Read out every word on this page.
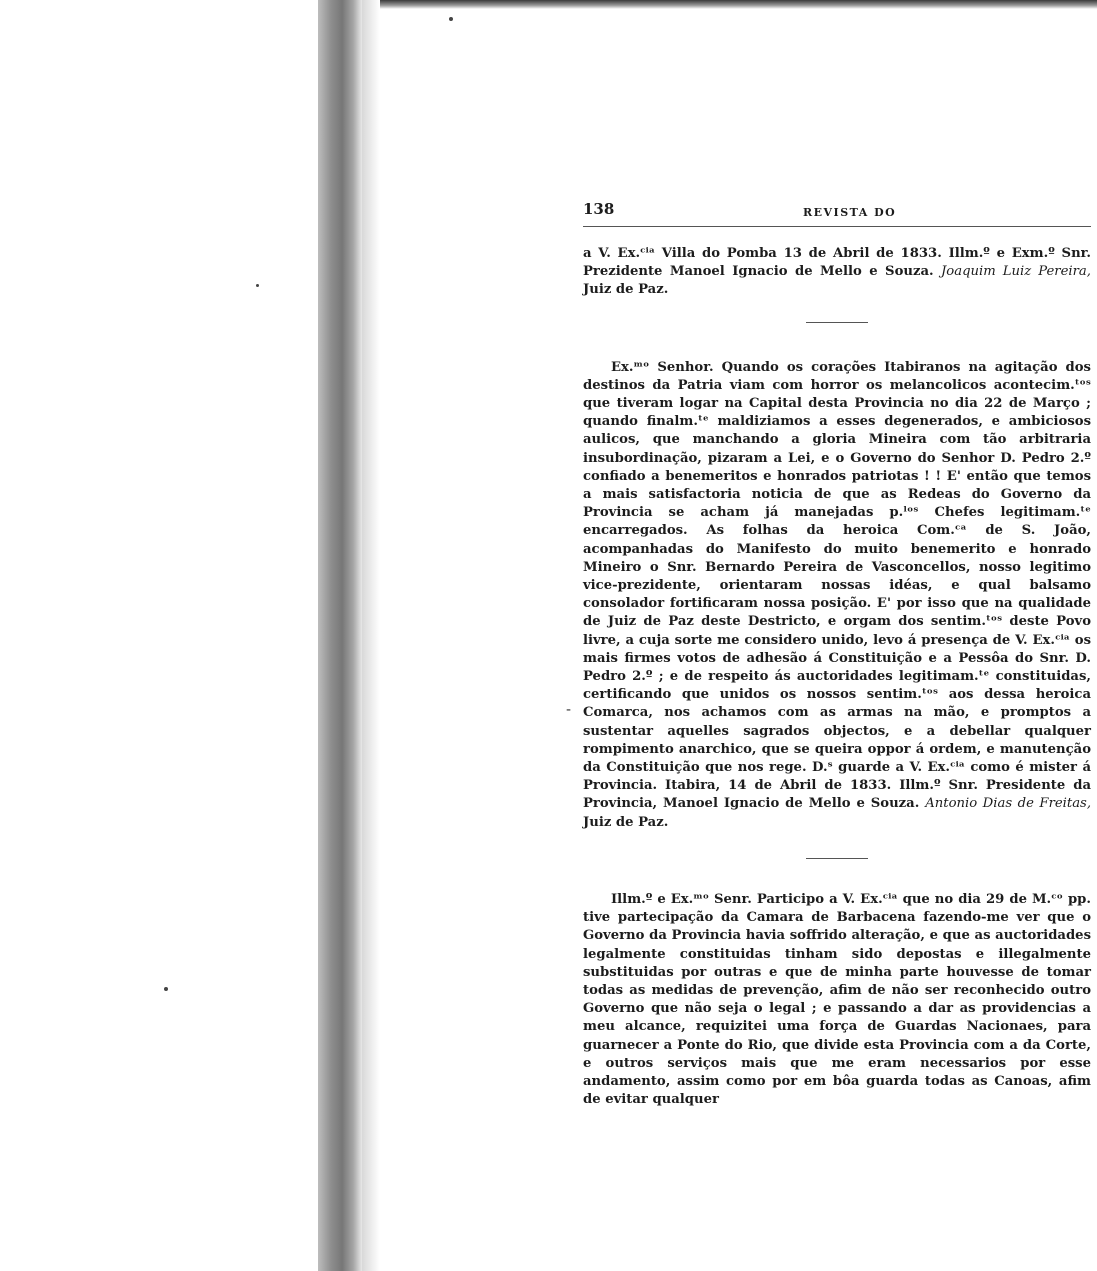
-
138	REVISTA DO

a V. Ex.ᶜⁱᵃ Villa do Pomba 13 de Abril de 1833. Illm.º e Exm.º Snr. Prezidente Manoel Ignacio de Mello e Souza. Joaquim Luiz Pereira, Juiz de Paz.

Ex.ᵐᵒ Senhor. Quando os corações Itabiranos na agitação dos destinos da Patria viam com horror os melancolicos acontecim.ᵗᵒˢ que tiveram logar na Capital desta Provincia no dia 22 de Março ; quando finalm.ᵗᵉ maldiziamos a esses degenerados, e ambiciosos aulicos, que manchando a gloria Mineira com tão arbitraria insubordinação, pizaram a Lei, e o Governo do Senhor D. Pedro 2.º confiado a benemeritos e honrados patriotas ! ! E' então que temos a mais satisfactoria noticia de que as Redeas do Governo da Provincia se acham já manejadas p.ˡᵒˢ Chefes legitimam.ᵗᵉ encarregados. As folhas da heroica Com.ᶜᵃ de S. João, acompanhadas do Manifesto do muito benemerito e honrado Mineiro o Snr. Bernardo Pereira de Vasconcellos, nosso legitimo vice-prezidente, orientaram nossas idéas, e qual balsamo consolador fortificaram nossa posição. E' por isso que na qualidade de Juiz de Paz deste Destricto, e orgam dos sentim.ᵗᵒˢ deste Povo livre, a cuja sorte me considero unido, levo á presença de V. Ex.ᶜⁱᵃ os mais firmes votos de adhesão á Constituição e a Pessôa do Snr. D. Pedro 2.º ; e de respeito ás auctoridades legitimam.ᵗᵉ constituidas, certificando que unidos os nossos sentim.ᵗᵒˢ aos dessa heroica Comarca, nos achamos com as armas na mão, e promptos a sustentar aquelles sagrados objectos, e a debellar qualquer rompimento anarchico, que se queira oppor á ordem, e manutenção da Constituição que nos rege. D.ˢ guarde a V. Ex.ᶜⁱᵃ como é mister á Provincia. Itabira, 14 de Abril de 1833. Illm.º Snr. Presidente da Provincia, Manoel Ignacio de Mello e Souza. Antonio Dias de Freitas, Juiz de Paz.

Illm.º e Ex.ᵐᵒ Senr. Participo a V. Ex.ᶜⁱᵃ que no dia 29 de M.ᶜᵒ pp. tive partecipação da Camara de Barbacena fazendo-me ver que o Governo da Provincia havia soffrido alteração, e que as auctoridades legalmente constituidas tinham sido depostas e illegalmente substituidas por outras e que de minha parte houvesse de tomar todas as medidas de prevenção, afim de não ser reconhecido outro Governo que não seja o legal ; e passando a dar as providencias a meu alcance, requizitei uma força de Guardas Nacionaes, para guarnecer a Ponte do Rio, que divide esta Provincia com a da Corte, e outros serviços mais que me eram necessarios por esse andamento, assim como por em bôa guarda todas as Canoas, afim de evitar qualquer
